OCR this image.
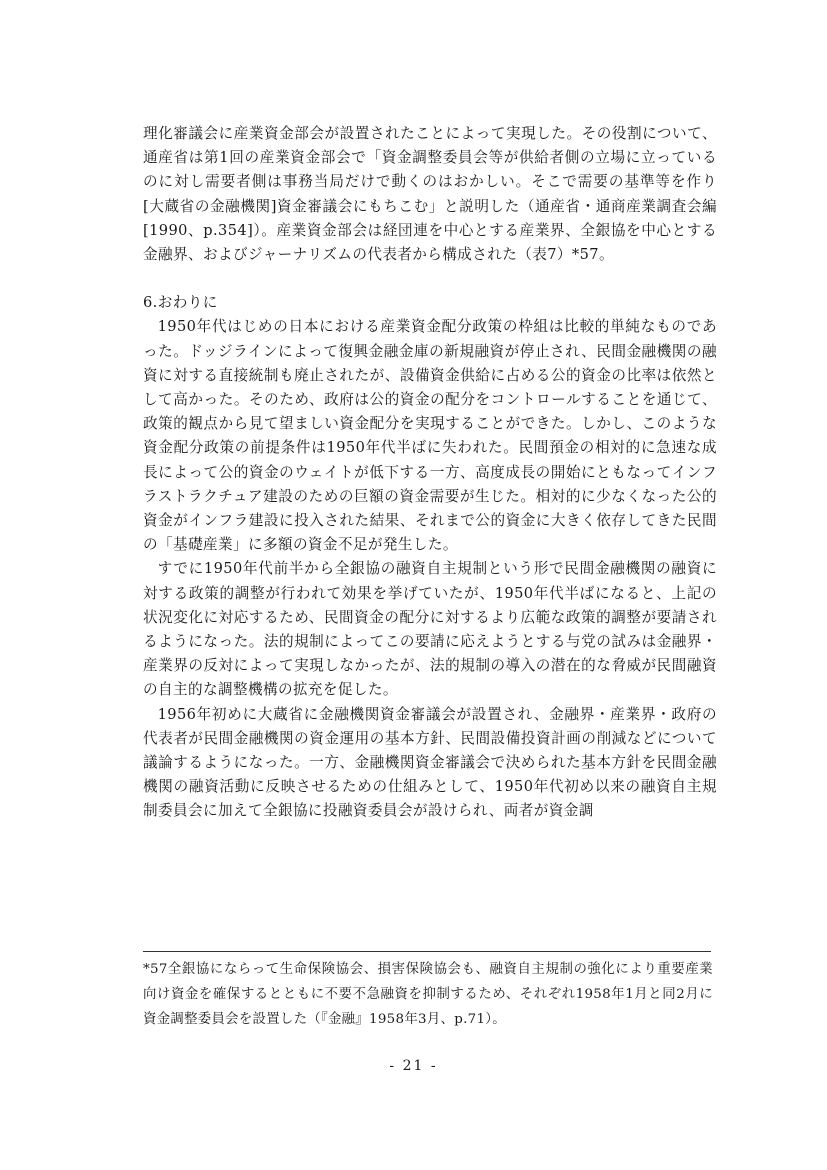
理化審議会に産業資金部会が設置されたことによって実現した。その役割について、通産省は第1回の産業資金部会で「資金調整委員会等が供給者側の立場に立っているのに対し需要者側は事務当局だけで動くのはおかしい。そこで需要の基準等を作り[大蔵省の金融機関]資金審議会にもちこむ」と説明した（通産省・通商産業調査会編[1990、p.354]）。産業資金部会は経団連を中心とする産業界、全銀協を中心とする金融界、およびジャーナリズムの代表者から構成された（表7）*57。

6.おわりに

1950年代はじめの日本における産業資金配分政策の枠組は比較的単純なものであった。ドッジラインによって復興金融金庫の新規融資が停止され、民間金融機関の融資に対する直接統制も廃止されたが、設備資金供給に占める公的資金の比率は依然として高かった。そのため、政府は公的資金の配分をコントロールすることを通じて、政策的観点から見て望ましい資金配分を実現することができた。しかし、このような資金配分政策の前提条件は1950年代半ばに失われた。民間預金の相対的に急速な成長によって公的資金のウェイトが低下する一方、高度成長の開始にともなってインフラストラクチュア建設のための巨額の資金需要が生じた。相対的に少なくなった公的資金がインフラ建設に投入された結果、それまで公的資金に大きく依存してきた民間の「基礎産業」に多額の資金不足が発生した。

すでに1950年代前半から全銀協の融資自主規制という形で民間金融機関の融資に対する政策的調整が行われて効果を挙げていたが、1950年代半ばになると、上記の状況変化に対応するため、民間資金の配分に対するより広範な政策的調整が要請されるようになった。法的規制によってこの要請に応えようとする与党の試みは金融界・産業界の反対によって実現しなかったが、法的規制の導入の潜在的な脅威が民間融資の自主的な調整機構の拡充を促した。

1956年初めに大蔵省に金融機関資金審議会が設置され、金融界・産業界・政府の代表者が民間金融機関の資金運用の基本方針、民間設備投資計画の削減などについて議論するようになった。一方、金融機関資金審議会で決められた基本方針を民間金融機関の融資活動に反映させるための仕組みとして、1950年代初め以来の融資自主規制委員会に加えて全銀協に投融資委員会が設けられ、両者が資金調

*57全銀協にならって生命保険協会、損害保険協会も、融資自主規制の強化により重要産業向け資金を確保するとともに不要不急融資を抑制するため、それぞれ1958年1月と同2月に資金調整委員会を設置した（『金融』1958年3月、p.71）。

- 21 -
